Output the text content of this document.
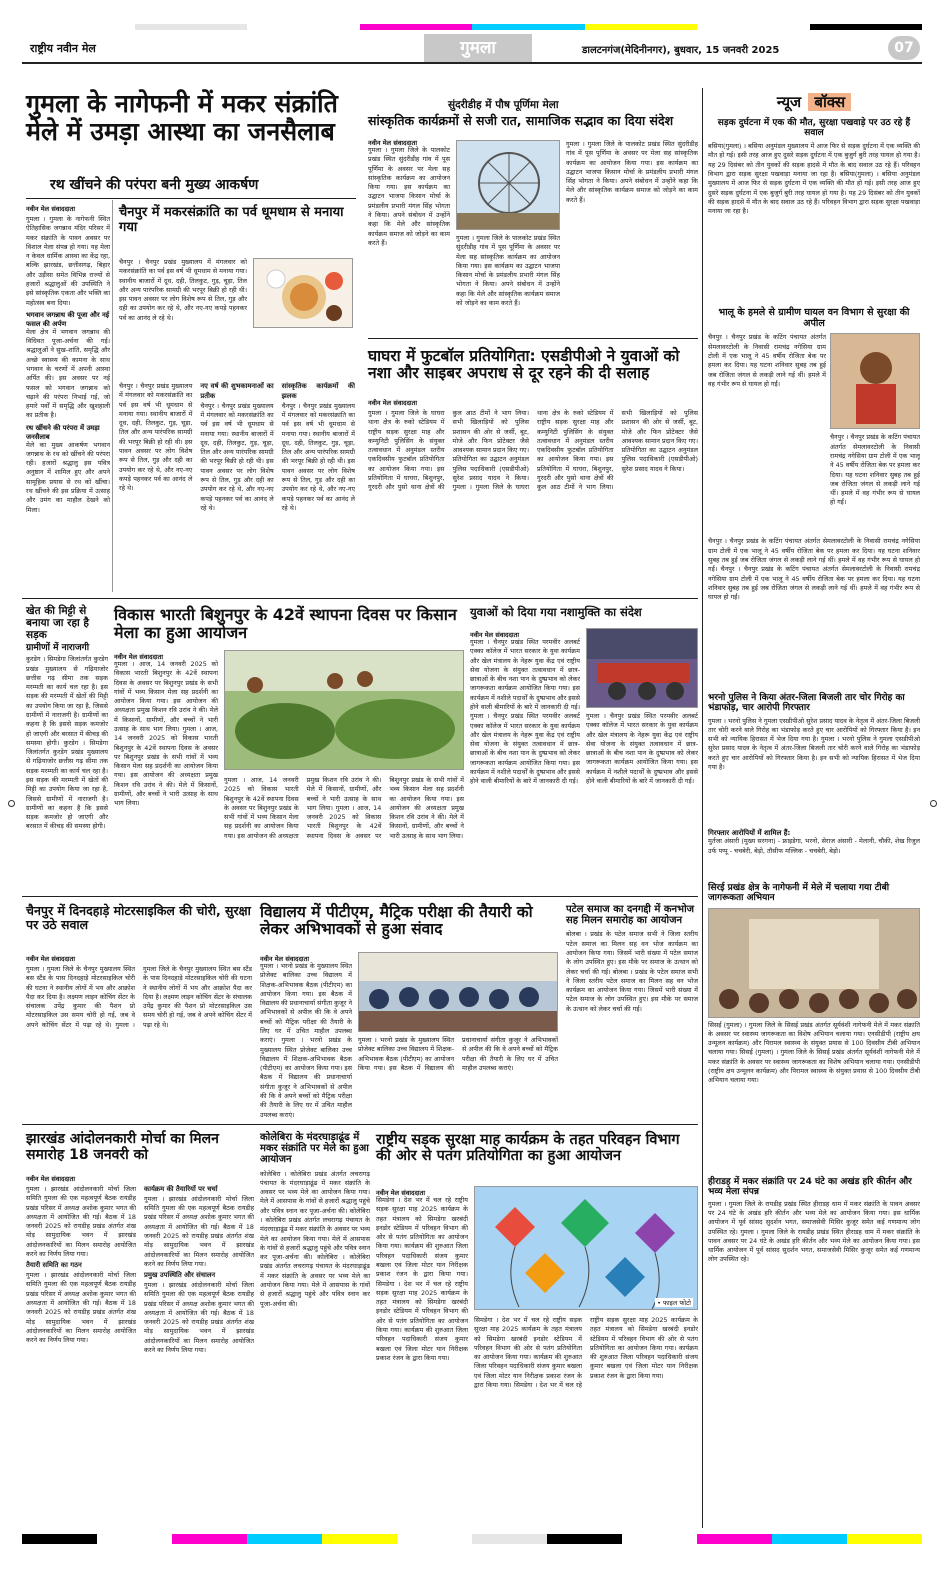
राष्ट्रीय नवीन मेल	गुमला	डालटनगंज(मेदिनीनगर), बुधवार, 15 जनवरी 2025	07
गुमला के नागेफनी में मकर संक्रांति मेले में उमड़ा आस्था का जनसैलाब
रथ खींचने की परंपरा बनी मुख्य आकर्षण
नवीन मेल संवाददाता
गुमला । गुमला के नागेफनी स्थित ऐतिहासिक जगन्नाथ मंदिर परिसर में मकर संक्रांति के पावन अवसर पर विशाल मेला संपन्न हो गया। यह मेला न केवल धार्मिक आस्था का केंद्र रहा, बल्कि झारखंड, छत्तीसगढ़, बिहार और उड़ीसा समेत विभिन्न राज्यों से हजारों श्रद्धालुओं की उपस्थिति ने इसे सांस्कृतिक एकता और भक्ति का महोत्सव बना दिया।
भगवान जगन्नाथ की पूजा और नई फसल की अर्पण
मेला क्षेत्र में भगवान जगन्नाथ की विधिवत पूजा-अर्चना की गई। श्रद्धालुओं ने सुख-शांति, समृद्धि और अच्छे स्वास्थ्य की कामना के साथ भगवान के चरणों में अपनी आस्था अर्पित की। इस अवसर पर नई फसल को भगवान जगन्नाथ को चढ़ाने की परंपरा निभाई गई, जो हमारे पर्वों में समृद्धि और खुशहाली का प्रतीक है।
रथ खींचने की परंपरा में उमड़ा जनसैलाब
मेले का मुख्य आकर्षण भगवान जगन्नाथ के रथ को खींचने की परंपरा रही। हजारों श्रद्धालु इस पवित्र अनुष्ठान में शामिल हुए और अपने सामूहिक प्रयास से रथ को खींचा। रथ खींचने की इस प्रक्रिया में उत्साह और उमंग का माहौल देखने को मिला।
चैनपुर में मकरसंक्रांति का पर्व धूमधाम से मनाया गया
चैनपुर । चैनपुर प्रखंड मुख्यालय में मंगलवार को मकरसंक्रांति का पर्व इस वर्ष भी धूमधाम से मनाया गया। स्थानीय बाजारों में दूध, दही, तिलकुट, गुड़, चूड़ा, तिल और अन्य पारंपरिक सामग्री की भरपूर बिक्री हो रही थी। इस पावन अवसर पर लोग विशेष रूप से तिल, गुड़ और दही का उपयोग कर रहे थे, और नए-नए कपड़े पहनकर पर्व का आनंद ले रहे थे।
चैनपुर । चैनपुर प्रखंड मुख्यालय में मंगलवार को मकरसंक्रांति का पर्व इस वर्ष भी धूमधाम से मनाया गया। स्थानीय बाजारों में दूध, दही, तिलकुट, गुड़, चूड़ा, तिल और अन्य पारंपरिक सामग्री की भरपूर बिक्री हो रही थी। इस पावन अवसर पर लोग विशेष रूप से तिल, गुड़ और दही का उपयोग कर रहे थे, और नए-नए कपड़े पहनकर पर्व का आनंद ले रहे थे।
नए वर्ष की शुभकामनाओं का प्रतीक
चैनपुर । चैनपुर प्रखंड मुख्यालय में मंगलवार को मकरसंक्रांति का पर्व इस वर्ष भी धूमधाम से मनाया गया। स्थानीय बाजारों में दूध, दही, तिलकुट, गुड़, चूड़ा, तिल और अन्य पारंपरिक सामग्री की भरपूर बिक्री हो रही थी। इस पावन अवसर पर लोग विशेष रूप से तिल, गुड़ और दही का उपयोग कर रहे थे, और नए-नए कपड़े पहनकर पर्व का आनंद ले रहे थे।
सांस्कृतिक कार्यक्रमों की झलक
चैनपुर । चैनपुर प्रखंड मुख्यालय में मंगलवार को मकरसंक्रांति का पर्व इस वर्ष भी धूमधाम से मनाया गया। स्थानीय बाजारों में दूध, दही, तिलकुट, गुड़, चूड़ा, तिल और अन्य पारंपरिक सामग्री की भरपूर बिक्री हो रही थी। इस पावन अवसर पर लोग विशेष रूप से तिल, गुड़ और दही का उपयोग कर रहे थे, और नए-नए कपड़े पहनकर पर्व का आनंद ले रहे थे।
सुंदरीडीह में पौष पूर्णिमा मेला
सांस्कृतिक कार्यक्रमों से सजी रात, सामाजिक सद्भाव का दिया संदेश
नवीन मेल संवाददाता
गुमला । गुमला जिले के पालकोट प्रखंड स्थित सुंदरीडीह गांव में पूस पूर्णिमा के अवसर पर मेला सह सांस्कृतिक कार्यक्रम का आयोजन किया गया। इस कार्यक्रम का उद्घाटन भाजपा किसान मोर्चा के प्रमंडलीय प्रभारी मंगल सिंह भोगता ने किया। अपने संबोधन में उन्होंने कहा कि मेले और सांस्कृतिक कार्यक्रम समाज को जोड़ने का काम करते हैं।
गुमला । गुमला जिले के पालकोट प्रखंड स्थित सुंदरीडीह गांव में पूस पूर्णिमा के अवसर पर मेला सह सांस्कृतिक कार्यक्रम का आयोजन किया गया। इस कार्यक्रम का उद्घाटन भाजपा किसान मोर्चा के प्रमंडलीय प्रभारी मंगल सिंह भोगता ने किया। अपने संबोधन में उन्होंने कहा कि मेले और सांस्कृतिक कार्यक्रम समाज को जोड़ने का काम करते हैं।
गुमला । गुमला जिले के पालकोट प्रखंड स्थित सुंदरीडीह गांव में पूस पूर्णिमा के अवसर पर मेला सह सांस्कृतिक कार्यक्रम का आयोजन किया गया। इस कार्यक्रम का उद्घाटन भाजपा किसान मोर्चा के प्रमंडलीय प्रभारी मंगल सिंह भोगता ने किया। अपने संबोधन में उन्होंने कहा कि मेले और सांस्कृतिक कार्यक्रम समाज को जोड़ने का काम करते हैं।
घाघरा में फुटबॉल प्रतियोगिता: एसडीपीओ ने युवाओं को नशा और साइबर अपराध से दूर रहने की दी सलाह
नवीन मेल संवाददाता
गुमला । गुमला जिले के घाघरा थाना क्षेत्र के रुको स्टेडियम में राष्ट्रीय सड़क सुरक्षा माह और कम्युनिटी पुलिसिंग के संयुक्त तत्वावधान में अनुमंडल स्तरीय एकदिवसीय फुटबॉल प्रतियोगिता का आयोजन किया गया। इस प्रतियोगिता में घाघरा, बिशुनपुर, गुरदरी और पुसो थाना क्षेत्रों की कुल आठ टीमों ने भाग लिया। सभी खिलाड़ियों को पुलिस प्रशासन की ओर से जर्सी, बूट, मोजे और फिन प्रोटेक्टर जैसे आवश्यक सामान प्रदान किए गए। प्रतियोगिता का उद्घाटन अनुमंडल पुलिस पदाधिकारी (एसडीपीओ) सुरेश प्रसाद यादव ने किया। गुमला । गुमला जिले के घाघरा थाना क्षेत्र के रुको स्टेडियम में राष्ट्रीय सड़क सुरक्षा माह और कम्युनिटी पुलिसिंग के संयुक्त तत्वावधान में अनुमंडल स्तरीय एकदिवसीय फुटबॉल प्रतियोगिता का आयोजन किया गया। इस प्रतियोगिता में घाघरा, बिशुनपुर, गुरदरी और पुसो थाना क्षेत्रों की कुल आठ टीमों ने भाग लिया। सभी खिलाड़ियों को पुलिस प्रशासन की ओर से जर्सी, बूट, मोजे और फिन प्रोटेक्टर जैसे आवश्यक सामान प्रदान किए गए। प्रतियोगिता का उद्घाटन अनुमंडल पुलिस पदाधिकारी (एसडीपीओ) सुरेश प्रसाद यादव ने किया।
खेत की मिट्टी से बनाया जा रहा है सड़क
ग्रामीणों में नाराजगी
कुरडेग । सिमडेगा जिलांतर्गत कुरडेग प्रखंड मुख्यालय से गढ़ियाजोर छत्तीस गढ़ सीमा तक सड़क मरम्मती का कार्य चल रहा है। इस सड़क की मरम्मती में खेतों की मिट्टी का उपयोग किया जा रहा है, जिससे ग्रामीणों में नाराजगी है। ग्रामीणों का कहना है कि इससे सड़क कमजोर हो जाएगी और बरसात में कीचड़ की समस्या होगी। कुरडेग । सिमडेगा जिलांतर्गत कुरडेग प्रखंड मुख्यालय से गढ़ियाजोर छत्तीस गढ़ सीमा तक सड़क मरम्मती का कार्य चल रहा है। इस सड़क की मरम्मती में खेतों की मिट्टी का उपयोग किया जा रहा है, जिससे ग्रामीणों में नाराजगी है। ग्रामीणों का कहना है कि इससे सड़क कमजोर हो जाएगी और बरसात में कीचड़ की समस्या होगी।
विकास भारती बिशुनपुर के 42वें स्थापना दिवस पर किसान मेला का हुआ आयोजन
नवीन मेल संवाददाता
गुमला । आज, 14 जनवरी 2025 को विकास भारती बिशुनपुर के 42वें स्थापना दिवस के अवसर पर बिशुनपुर प्रखंड के सभी गांवों में भव्य किसान मेला सह प्रदर्शनी का आयोजन किया गया। इस आयोजन की अध्यक्षता प्रमुख किशन रवि उरांव ने की। मेले में किसानों, ग्रामीणों, और बच्चों ने भारी उत्साह के साथ भाग लिया। गुमला । आज, 14 जनवरी 2025 को विकास भारती बिशुनपुर के 42वें स्थापना दिवस के अवसर पर बिशुनपुर प्रखंड के सभी गांवों में भव्य किसान मेला सह प्रदर्शनी का आयोजन किया गया। इस आयोजन की अध्यक्षता प्रमुख किशन रवि उरांव ने की। मेले में किसानों, ग्रामीणों, और बच्चों ने भारी उत्साह के साथ भाग लिया।
गुमला । आज, 14 जनवरी 2025 को विकास भारती बिशुनपुर के 42वें स्थापना दिवस के अवसर पर बिशुनपुर प्रखंड के सभी गांवों में भव्य किसान मेला सह प्रदर्शनी का आयोजन किया गया। इस आयोजन की अध्यक्षता प्रमुख किशन रवि उरांव ने की। मेले में किसानों, ग्रामीणों, और बच्चों ने भारी उत्साह के साथ भाग लिया। गुमला । आज, 14 जनवरी 2025 को विकास भारती बिशुनपुर के 42वें स्थापना दिवस के अवसर पर बिशुनपुर प्रखंड के सभी गांवों में भव्य किसान मेला सह प्रदर्शनी का आयोजन किया गया। इस आयोजन की अध्यक्षता प्रमुख किशन रवि उरांव ने की। मेले में किसानों, ग्रामीणों, और बच्चों ने भारी उत्साह के साथ भाग लिया।
युवाओं को दिया गया नशामुक्ति का संदेश
नवीन मेल संवाददाता
गुमला । चैनपुर प्रखंड स्थित परमवीर अलबर्ट एक्का कॉलेज में भारत सरकार के युवा कार्यक्रम और खेल मंत्रालय के नेहरू युवा केंद्र एवं राष्ट्रीय सेवा योजना के संयुक्त तत्वावधान में छात्र-छात्राओं के बीच नशा पान के दुष्प्रभाव को लेकर जागरूकता कार्यक्रम आयोजित किया गया। इस कार्यक्रम में नशीले पदार्थों के दुष्प्रभाव और इससे होने वाली बीमारियों के बारे में जानकारी दी गई। गुमला । चैनपुर प्रखंड स्थित परमवीर अलबर्ट एक्का कॉलेज में भारत सरकार के युवा कार्यक्रम और खेल मंत्रालय के नेहरू युवा केंद्र एवं राष्ट्रीय सेवा योजना के संयुक्त तत्वावधान में छात्र-छात्राओं के बीच नशा पान के दुष्प्रभाव को लेकर जागरूकता कार्यक्रम आयोजित किया गया। इस कार्यक्रम में नशीले पदार्थों के दुष्प्रभाव और इससे होने वाली बीमारियों के बारे में जानकारी दी गई।
गुमला । चैनपुर प्रखंड स्थित परमवीर अलबर्ट एक्का कॉलेज में भारत सरकार के युवा कार्यक्रम और खेल मंत्रालय के नेहरू युवा केंद्र एवं राष्ट्रीय सेवा योजना के संयुक्त तत्वावधान में छात्र-छात्राओं के बीच नशा पान के दुष्प्रभाव को लेकर जागरूकता कार्यक्रम आयोजित किया गया। इस कार्यक्रम में नशीले पदार्थों के दुष्प्रभाव और इससे होने वाली बीमारियों के बारे में जानकारी दी गई।
चैनपुर में दिनदहाड़े मोटरसाइकिल की चोरी, सुरक्षा पर उठे सवाल
नवीन मेल संवाददाता
गुमला । गुमला जिले के चैनपुर मुख्यालय स्थित बस स्टैंड के पास दिनदहाड़े मोटरसाइकिल चोरी की घटना ने स्थानीय लोगों में भय और आक्रोश पैदा कर दिया है। लक्ष्मण लाइन कोचिंग सेंटर के संचालक उपेंद्र कुमार की पैशन प्रो मोटरसाइकिल उस समय चोरी हो गई, जब वे अपने कोचिंग सेंटर में पढ़ा रहे थे। गुमला । गुमला जिले के चैनपुर मुख्यालय स्थित बस स्टैंड के पास दिनदहाड़े मोटरसाइकिल चोरी की घटना ने स्थानीय लोगों में भय और आक्रोश पैदा कर दिया है। लक्ष्मण लाइन कोचिंग सेंटर के संचालक उपेंद्र कुमार की पैशन प्रो मोटरसाइकिल उस समय चोरी हो गई, जब वे अपने कोचिंग सेंटर में पढ़ा रहे थे।
विद्यालय में पीटीएम, मैट्रिक परीक्षा की तैयारी को लेकर अभिभावकों से हुआ संवाद
नवीन मेल संवाददाता
गुमला । भरनो प्रखंड के मुख्यालय स्थित प्रोजेक्ट बालिका उच्च विद्यालय में शिक्षक-अभिभावक बैठक (पीटीएम) का आयोजन किया गया। इस बैठक में विद्यालय की प्रधानाचार्या संगीता कुजूर ने अभिभावकों से अपील की कि वे अपने बच्चों को मैट्रिक परीक्षा की तैयारी के लिए घर में उचित माहौल उपलब्ध कराएं। गुमला । भरनो प्रखंड के मुख्यालय स्थित प्रोजेक्ट बालिका उच्च विद्यालय में शिक्षक-अभिभावक बैठक (पीटीएम) का आयोजन किया गया। इस बैठक में विद्यालय की प्रधानाचार्या संगीता कुजूर ने अभिभावकों से अपील की कि वे अपने बच्चों को मैट्रिक परीक्षा की तैयारी के लिए घर में उचित माहौल उपलब्ध कराएं।
गुमला । भरनो प्रखंड के मुख्यालय स्थित प्रोजेक्ट बालिका उच्च विद्यालय में शिक्षक-अभिभावक बैठक (पीटीएम) का आयोजन किया गया। इस बैठक में विद्यालय की प्रधानाचार्या संगीता कुजूर ने अभिभावकों से अपील की कि वे अपने बच्चों को मैट्रिक परीक्षा की तैयारी के लिए घर में उचित माहौल उपलब्ध कराएं।
पटेल समाज का दनगद्दी में कनभोज सह मिलन समारोह का आयोजन
बोलबा । प्रखंड के पटेल समाज सभी ने जिला स्तरीय पटेल समाज का मिलन सह वन भोज कार्यक्रम का आयोजन किया गया। जिसमें भारी संख्या में पटेल समाज के लोग उपस्थित हुए। इस मौके पर समाज के उत्थान को लेकर चर्चा की गई। बोलबा । प्रखंड के पटेल समाज सभी ने जिला स्तरीय पटेल समाज का मिलन सह वन भोज कार्यक्रम का आयोजन किया गया। जिसमें भारी संख्या में पटेल समाज के लोग उपस्थित हुए। इस मौके पर समाज के उत्थान को लेकर चर्चा की गई।
झारखंड आंदोलनकारी मोर्चा का मिलन समारोह 18 जनवरी को
नवीन मेल संवाददाता
गुमला । झारखंड आंदोलनकारी मोर्चा जिला समिति गुमला की एक महत्वपूर्ण बैठक रायडीह प्रखंड परिसर में अध्यक्ष अशोक कुमार भगत की अध्यक्षता में आयोजित की गई। बैठक में 18 जनवरी 2025 को रायडीह प्रखंड अंतर्गत शंख मोड़ सामुदायिक भवन में झारखंड आंदोलनकारियों का मिलन समारोह आयोजित करने का निर्णय लिया गया।
तैयारी समिति का गठन
गुमला । झारखंड आंदोलनकारी मोर्चा जिला समिति गुमला की एक महत्वपूर्ण बैठक रायडीह प्रखंड परिसर में अध्यक्ष अशोक कुमार भगत की अध्यक्षता में आयोजित की गई। बैठक में 18 जनवरी 2025 को रायडीह प्रखंड अंतर्गत शंख मोड़ सामुदायिक भवन में झारखंड आंदोलनकारियों का मिलन समारोह आयोजित करने का निर्णय लिया गया।
कार्यक्रम की तैयारियों पर चर्चा
गुमला । झारखंड आंदोलनकारी मोर्चा जिला समिति गुमला की एक महत्वपूर्ण बैठक रायडीह प्रखंड परिसर में अध्यक्ष अशोक कुमार भगत की अध्यक्षता में आयोजित की गई। बैठक में 18 जनवरी 2025 को रायडीह प्रखंड अंतर्गत शंख मोड़ सामुदायिक भवन में झारखंड आंदोलनकारियों का मिलन समारोह आयोजित करने का निर्णय लिया गया।
प्रमुख उपस्थिति और संचालन
गुमला । झारखंड आंदोलनकारी मोर्चा जिला समिति गुमला की एक महत्वपूर्ण बैठक रायडीह प्रखंड परिसर में अध्यक्ष अशोक कुमार भगत की अध्यक्षता में आयोजित की गई। बैठक में 18 जनवरी 2025 को रायडीह प्रखंड अंतर्गत शंख मोड़ सामुदायिक भवन में झारखंड आंदोलनकारियों का मिलन समारोह आयोजित करने का निर्णय लिया गया।
कोलेबिरा के मंदरघाड़ाढूंढ में मकर संक्रांति पर मेले का हुआ आयोजन
कोलेबिरा । कोलेबिरा प्रखंड अंतर्गत लचरागढ़ पंचायत के मंदरघाड़ाढूंढ में मकर संक्रांति के अवसर पर भव्य मेले का आयोजन किया गया। मेले में आसपास के गांवों से हजारों श्रद्धालु पहुंचे और पवित्र स्नान कर पूजा-अर्चना की। कोलेबिरा । कोलेबिरा प्रखंड अंतर्गत लचरागढ़ पंचायत के मंदरघाड़ाढूंढ में मकर संक्रांति के अवसर पर भव्य मेले का आयोजन किया गया। मेले में आसपास के गांवों से हजारों श्रद्धालु पहुंचे और पवित्र स्नान कर पूजा-अर्चना की। कोलेबिरा । कोलेबिरा प्रखंड अंतर्गत लचरागढ़ पंचायत के मंदरघाड़ाढूंढ में मकर संक्रांति के अवसर पर भव्य मेले का आयोजन किया गया। मेले में आसपास के गांवों से हजारों श्रद्धालु पहुंचे और पवित्र स्नान कर पूजा-अर्चना की।
राष्ट्रीय सड़क सुरक्षा माह कार्यक्रम के तहत परिवहन विभाग की ओर से पतंग प्रतियोगिता का हुआ आयोजन
नवीन मेल संवाददाता
सिमडेगा । देश भर में चल रहे राष्ट्रीय सड़क सुरक्षा माह 2025 कार्यक्रम के तहत मंत्रालय को सिमडेगा खरबंदी इनडोर स्टेडियम में परिवहन विभाग की ओर से पतंग प्रतियोगिता का आयोजन किया गया। कार्यक्रम की शुरुआत जिला परिवहन पदाधिकारी संजय कुमार बखला एवं जिला मोटर यान निरीक्षक प्रकाश रंजन के द्वारा किया गया। सिमडेगा । देश भर में चल रहे राष्ट्रीय सड़क सुरक्षा माह 2025 कार्यक्रम के तहत मंत्रालय को सिमडेगा खरबंदी इनडोर स्टेडियम में परिवहन विभाग की ओर से पतंग प्रतियोगिता का आयोजन किया गया। कार्यक्रम की शुरुआत जिला परिवहन पदाधिकारी संजय कुमार बखला एवं जिला मोटर यान निरीक्षक प्रकाश रंजन के द्वारा किया गया।
• फाइल फोटो
सिमडेगा । देश भर में चल रहे राष्ट्रीय सड़क सुरक्षा माह 2025 कार्यक्रम के तहत मंत्रालय को सिमडेगा खरबंदी इनडोर स्टेडियम में परिवहन विभाग की ओर से पतंग प्रतियोगिता का आयोजन किया गया। कार्यक्रम की शुरुआत जिला परिवहन पदाधिकारी संजय कुमार बखला एवं जिला मोटर यान निरीक्षक प्रकाश रंजन के द्वारा किया गया। सिमडेगा । देश भर में चल रहे राष्ट्रीय सड़क सुरक्षा माह 2025 कार्यक्रम के तहत मंत्रालय को सिमडेगा खरबंदी इनडोर स्टेडियम में परिवहन विभाग की ओर से पतंग प्रतियोगिता का आयोजन किया गया। कार्यक्रम की शुरुआत जिला परिवहन पदाधिकारी संजय कुमार बखला एवं जिला मोटर यान निरीक्षक प्रकाश रंजन के द्वारा किया गया।
न्यूज बॉक्स
सड़क दुर्घटना में एक की मौत, सुरक्षा पखवाड़े पर उठ रहे हैं सवाल
बसिया(गुमला) । बसिया अनुमंडल मुख्यालय में आज फिर से सड़क दुर्घटना में एक व्यक्ति की मौत हो गई। इसी तरह आज हुए दुसरे सड़क दुर्घटना में एक बुजुर्ग बुरी तरह घायल हो गया है। यह 29 दिसंबर को तीन युवकों की सड़क हादसे में मौत के बाद सवाल उठ रहे हैं। परिवहन विभाग द्वारा सड़क सुरक्षा पखवाड़ा मनाया जा रहा है। बसिया(गुमला) । बसिया अनुमंडल मुख्यालय में आज फिर से सड़क दुर्घटना में एक व्यक्ति की मौत हो गई। इसी तरह आज हुए दुसरे सड़क दुर्घटना में एक बुजुर्ग बुरी तरह घायल हो गया है। यह 29 दिसंबर को तीन युवकों की सड़क हादसे में मौत के बाद सवाल उठ रहे हैं। परिवहन विभाग द्वारा सड़क सुरक्षा पखवाड़ा मनाया जा रहा है।
भालू के हमले से ग्रामीण घायल वन विभाग से सुरक्षा की अपील
चैनपुर । चैनपुर प्रखंड के कटिंग पंचायत अंतर्गत सेमलावरटोली के निवासी रामचंद्र नगेसिया ग्राम टोली में एक भालू ने 45 वर्षीय रोजिता बेक पर हमला कर दिया। यह घटना शनिवार सुबह तब हुई जब रोजिता जंगल से लकड़ी लाने गई थीं। हमले में वह गंभीर रूप से घायल हो गईं।
चैनपुर । चैनपुर प्रखंड के कटिंग पंचायत अंतर्गत सेमलावरटोली के निवासी रामचंद्र नगेसिया ग्राम टोली में एक भालू ने 45 वर्षीय रोजिता बेक पर हमला कर दिया। यह घटना शनिवार सुबह तब हुई जब रोजिता जंगल से लकड़ी लाने गई थीं। हमले में वह गंभीर रूप से घायल हो गईं।
चैनपुर । चैनपुर प्रखंड के कटिंग पंचायत अंतर्गत सेमलावरटोली के निवासी रामचंद्र नगेसिया ग्राम टोली में एक भालू ने 45 वर्षीय रोजिता बेक पर हमला कर दिया। यह घटना शनिवार सुबह तब हुई जब रोजिता जंगल से लकड़ी लाने गई थीं। हमले में वह गंभीर रूप से घायल हो गईं। चैनपुर । चैनपुर प्रखंड के कटिंग पंचायत अंतर्गत सेमलावरटोली के निवासी रामचंद्र नगेसिया ग्राम टोली में एक भालू ने 45 वर्षीय रोजिता बेक पर हमला कर दिया। यह घटना शनिवार सुबह तब हुई जब रोजिता जंगल से लकड़ी लाने गई थीं। हमले में वह गंभीर रूप से घायल हो गईं।
भरनो पुलिस ने किया अंतर-जिला बिजली तार चोर गिरोह का भंडाफोड़, चार आरोपी गिरफ्तार
गुमला । भरनो पुलिस ने गुमला एसडीपीओ सुरेश प्रसाद यादव के नेतृत्व में अंतर-जिला बिजली तार चोरी करने वाले गिरोह का भंडाफोड़ करते हुए चार आरोपियों को गिरफ्तार किया है। इन सभी को न्यायिक हिरासत में भेज दिया गया है। गुमला । भरनो पुलिस ने गुमला एसडीपीओ सुरेश प्रसाद यादव के नेतृत्व में अंतर-जिला बिजली तार चोरी करने वाले गिरोह का भंडाफोड़ करते हुए चार आरोपियों को गिरफ्तार किया है। इन सभी को न्यायिक हिरासत में भेज दिया गया है।
गिरफ्तार आरोपियों में शामिल हैं:
मुर्तजा अंसारी (मुख्य सरगना) - फ्राइडेगा, भरनो, सेराज अंसारी - मेलानी, चौकी, शेख रिजुल उर्फ पप्पू - चचबेरी, बेड़ो, तौसीफ मल्लिक - चचबेरी, बेड़ो।
सिरई प्रखंड क्षेत्र के नागेफनी में मेले में चलाया गया टीबी जागरूकता अभियान
सिसई (गुमला) । गुमला जिले के सिसई प्रखंड अंतर्गत सूर्यवंशी नागेफनी मेले में मकर संक्रांति के अवसर पर स्वास्थ्य जागरूकता का विशेष अभियान चलाया गया। एनसीडीपी (राष्ट्रीय क्षय उन्मूलन कार्यक्रम) और पिरामल स्वास्थ्य के संयुक्त प्रयास से 100 दिवसीय टीबी अभियान चलाया गया। सिसई (गुमला) । गुमला जिले के सिसई प्रखंड अंतर्गत सूर्यवंशी नागेफनी मेले में मकर संक्रांति के अवसर पर स्वास्थ्य जागरूकता का विशेष अभियान चलाया गया। एनसीडीपी (राष्ट्रीय क्षय उन्मूलन कार्यक्रम) और पिरामल स्वास्थ्य के संयुक्त प्रयास से 100 दिवसीय टीबी अभियान चलाया गया।
हीराडह में मकर संक्रांति पर 24 घंटे का अखंड हरि कीर्तन और भव्य मेला संपन्न
गुमला । गुमला जिले के रायडीह प्रखंड स्थित हीराडह धाम में मकर संक्रांति के पावन अवसर पर 24 घंटे के अखंड हरि कीर्तन और भव्य मेले का आयोजन किया गया। इस धार्मिक आयोजन में पूर्व सांसद सुदर्शन भगत, समाजसेवी मिसिर कुजूर समेत कई गणमान्य लोग उपस्थित रहे। गुमला । गुमला जिले के रायडीह प्रखंड स्थित हीराडह धाम में मकर संक्रांति के पावन अवसर पर 24 घंटे के अखंड हरि कीर्तन और भव्य मेले का आयोजन किया गया। इस धार्मिक आयोजन में पूर्व सांसद सुदर्शन भगत, समाजसेवी मिसिर कुजूर समेत कई गणमान्य लोग उपस्थित रहे।
